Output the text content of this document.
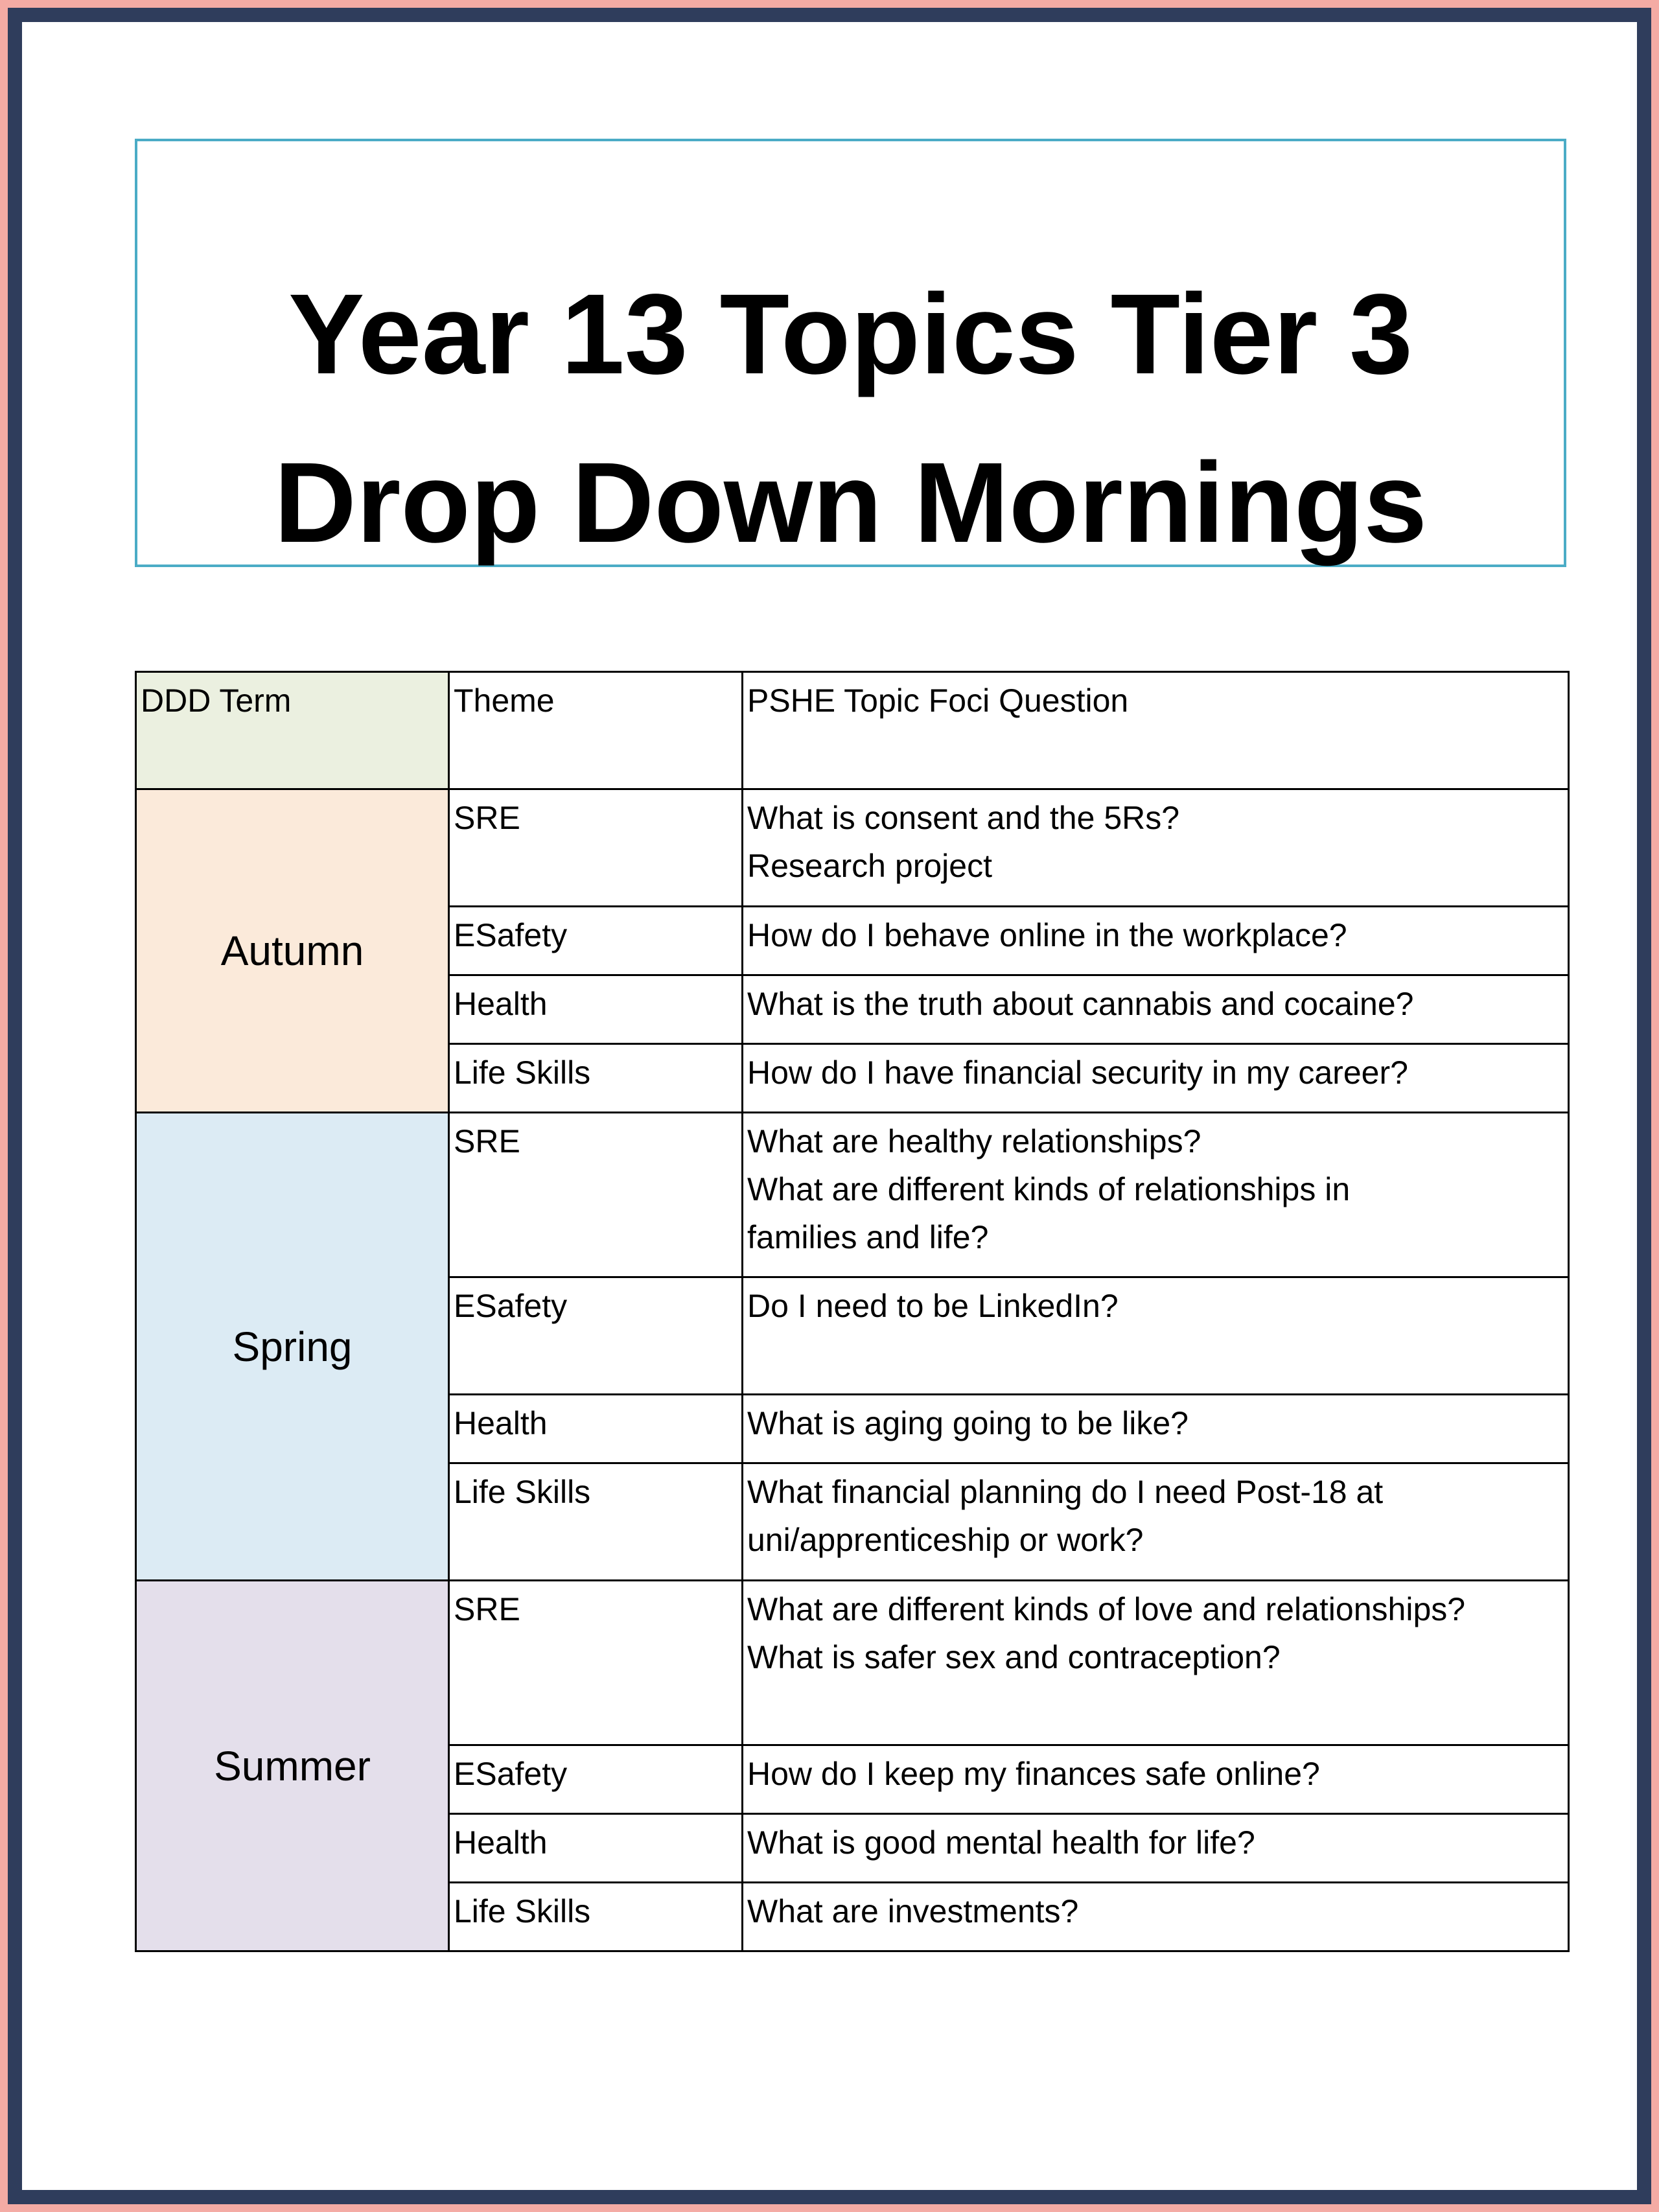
Year 13 Topics Tier 3
Drop Down Mornings
DDD Term	Theme	PSHE Topic Foci Question
Autumn	SRE	What is consent and the 5Rs?
Research project

	ESafety	How do I behave online in the workplace?

	Health	What is the truth about cannabis and cocaine?

	Life Skills	How do I have financial security in my career?

Spring	SRE	What are healthy relationships?
What are different kinds of relationships in
families and life?

	ESafety	Do I need to be LinkedIn?

	Health	What is aging going to be like?

	Life Skills	What financial planning do I need Post-18 at
uni/apprenticeship or work?

Summer	SRE	What are different kinds of love and relationships?
What is safer sex and contraception?

	ESafety	How do I keep my finances safe online?

	Health	What is good mental health for life?

	Life Skills	What are investments?
